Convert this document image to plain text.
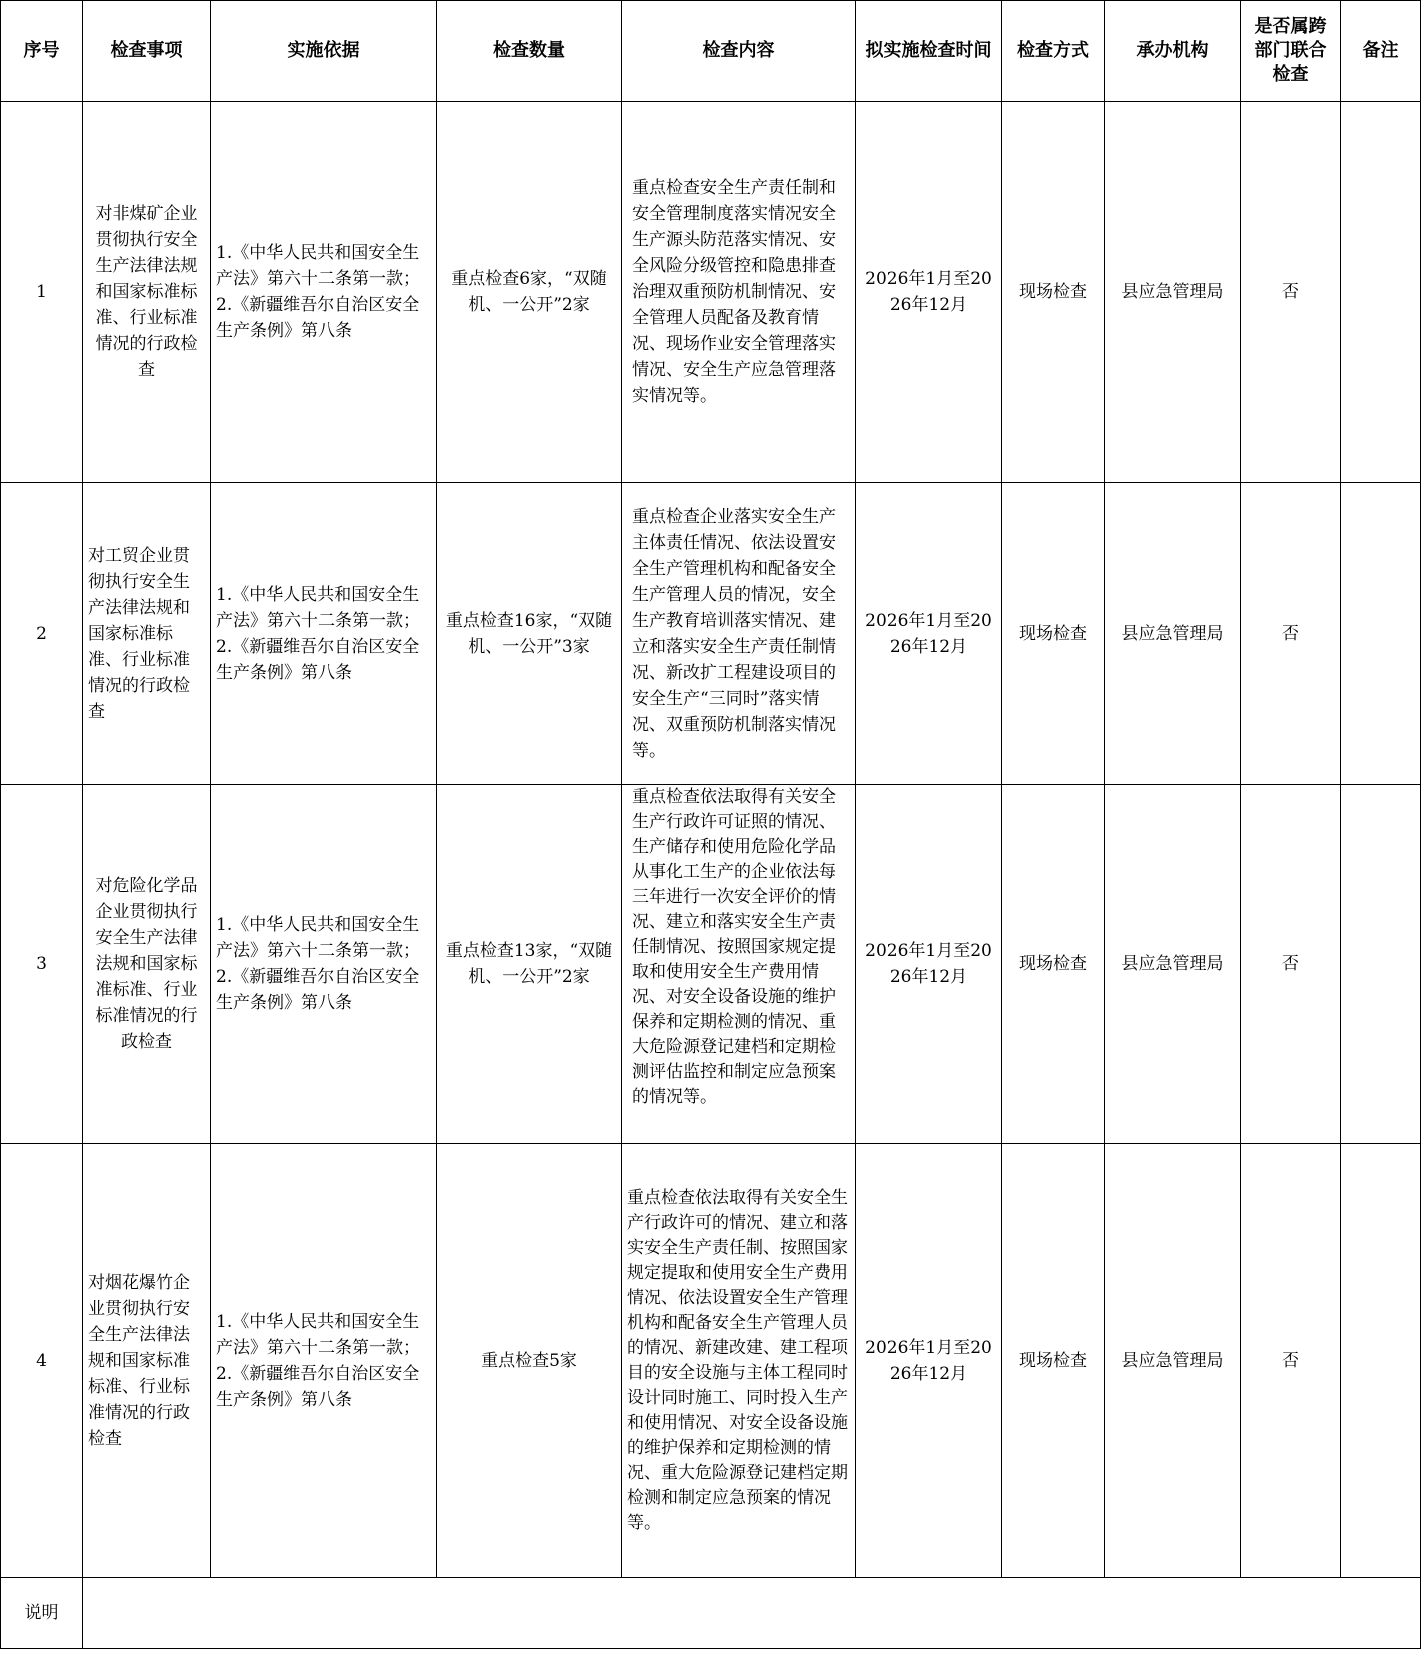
序号	检查事项	实施依据	检查数量	检查内容	拟实施检查时间	检查方式	承办机构	是否属跨部门联合检查	备注
1	对非煤矿企业贯彻执行安全生产法律法规和国家标准标准、行业标准情况的行政检查	1.《中华人民共和国安全生产法》第六十二条第一款；2.《新疆维吾尔自治区安全生产条例》第八条	重点检查6家，“双随机、一公开”2家	重点检查安全生产责任制和安全管理制度落实情况安全生产源头防范落实情况、安全风险分级管控和隐患排查治理双重预防机制情况、安全管理人员配备及教育情况、现场作业安全管理落实情况、安全生产应急管理落实情况等。	2026年1月至2026年12月	现场检查	县应急管理局	否	
2	对工贸企业贯彻执行安全生产法律法规和国家标准标准、行业标准情况的行政检查	1.《中华人民共和国安全生产法》第六十二条第一款；2.《新疆维吾尔自治区安全生产条例》第八条	重点检查16家，“双随机、一公开”3家	重点检查企业落实安全生产主体责任情况、依法设置安全生产管理机构和配备安全生产管理人员的情况，安全生产教育培训落实情况、建立和落实安全生产责任制情况、新改扩工程建设项目的安全生产“三同时”落实情况、双重预防机制落实情况等。	2026年1月至2026年12月	现场检查	县应急管理局	否	
3	对危险化学品企业贯彻执行安全生产法律法规和国家标准标准、行业标准情况的行政检查	1.《中华人民共和国安全生产法》第六十二条第一款；2.《新疆维吾尔自治区安全生产条例》第八条	重点检查13家，“双随机、一公开”2家	重点检查依法取得有关安全生产行政许可证照的情况、生产储存和使用危险化学品从事化工生产的企业依法每三年进行一次安全评价的情况、建立和落实安全生产责任制情况、按照国家规定提取和使用安全生产费用情况、对安全设备设施的维护保养和定期检测的情况、重大危险源登记建档和定期检测评估监控和制定应急预案的情况等。	2026年1月至2026年12月	现场检查	县应急管理局	否	
4	对烟花爆竹企业贯彻执行安全生产法律法规和国家标准标准、行业标准情况的行政检查	1.《中华人民共和国安全生产法》第六十二条第一款；2.《新疆维吾尔自治区安全生产条例》第八条	重点检查5家	重点检查依法取得有关安全生产行政许可的情况、建立和落实安全生产责任制、按照国家规定提取和使用安全生产费用情况、依法设置安全生产管理机构和配备安全生产管理人员的情况、新建改建、建工程项目的安全设施与主体工程同时设计同时施工、同时投入生产和使用情况、对安全设备设施的维护保养和定期检测的情况、重大危险源登记建档定期检测和制定应急预案的情况等。	2026年1月至2026年12月	现场检查	县应急管理局	否	
说明									
